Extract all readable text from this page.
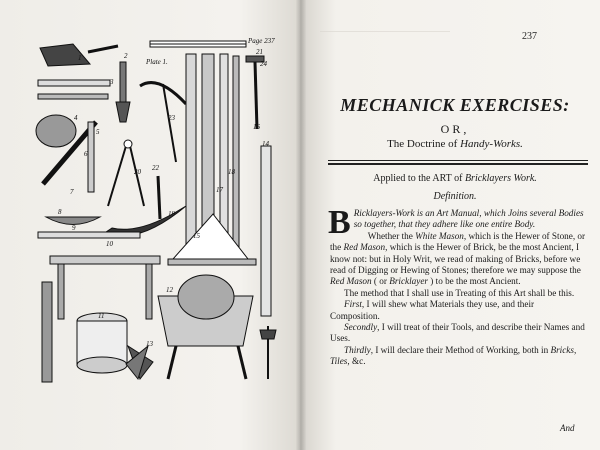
Page 237
Plate 1.
1	2
3
4
5
6
7
8
9
10
11
12
13
14
15
16
17
18
19
20
21
22
23
24
237
MECHANICK EXERCISES:
OR,
The Doctrine of Handy-Works.
Applied to the ART of Bricklayers Work.
Definition.

B Ricklayers-Work is an Art Manual, which Joins several Bodies so together, that they adhere like one entire Body.

Whether the White Mason, which is the Hewer of Stone, or the Red Mason, which is the Hewer of Brick, be the most Ancient, I know not: but in Holy Writ, we read of making of Bricks, before we read of Digging or Hewing of Stones; therefore we may suppose the Red Mason ( or Bricklayer ) to be the most Ancient.

The method that I shall use in Treating of this Art shall be this.

First, I will shew what Materials they use, and their Composition.

Secondly, I will treat of their Tools, and describe their Names and Uses.

Thirdly, I will declare their Method of Working, both in Bricks, Tiles, &c.

And
